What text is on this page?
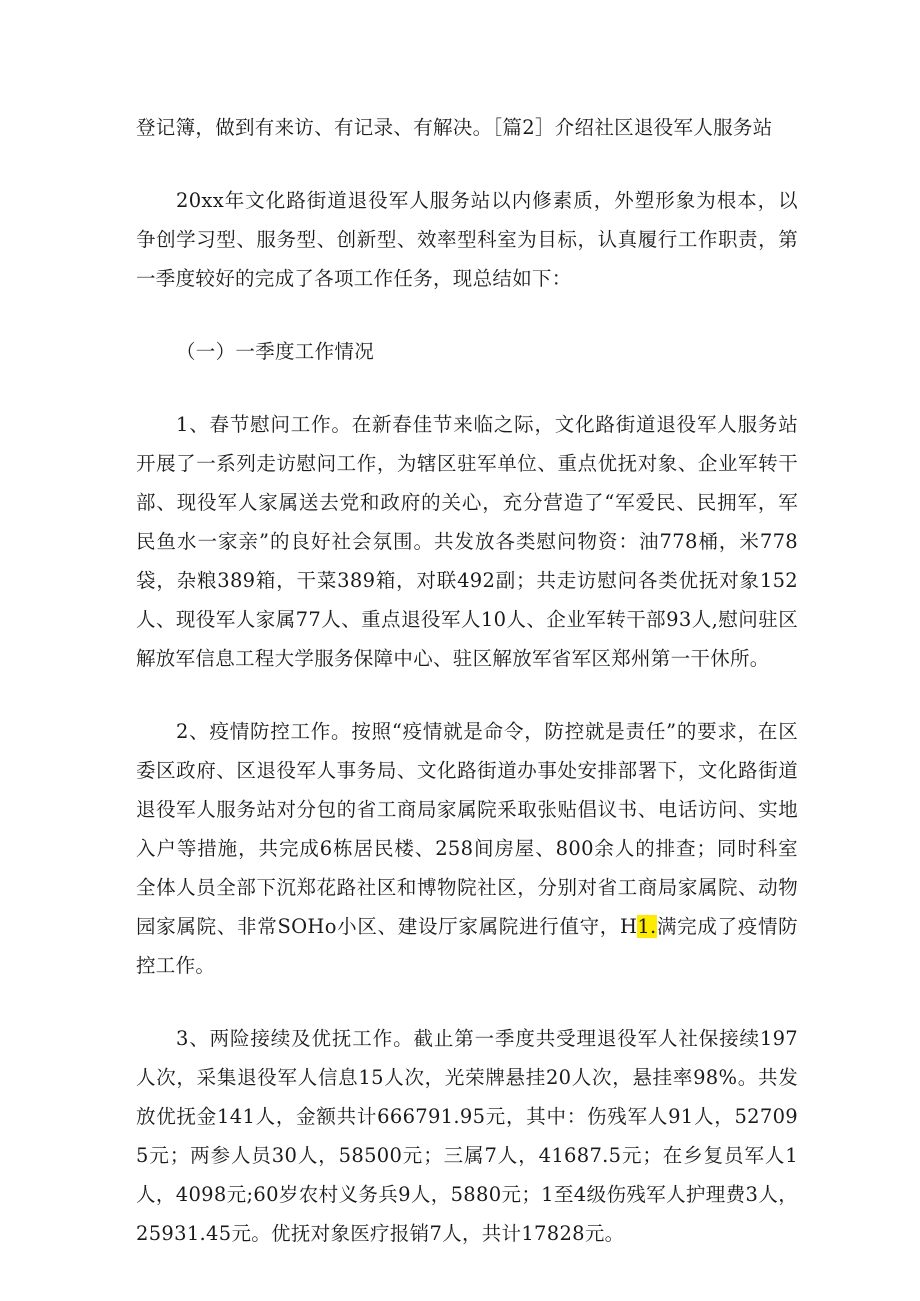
登记簿，做到有来访、有记录、有解决。［篇2］介绍社区退役军人服务站

20xx年文化路街道退役军人服务站以内修素质，外塑形象为根本，以争创学习型、服务型、创新型、效率型科室为目标，认真履行工作职责，第一季度较好的完成了各项工作任务，现总结如下：

（一）一季度工作情况

1、春节慰问工作。在新春佳节来临之际，文化路街道退役军人服务站开展了一系列走访慰问工作，为辖区驻军单位、重点优抚对象、企业军转干部、现役军人家属送去党和政府的关心，充分营造了“军爱民、民拥军，军民鱼水一家亲”的良好社会氛围。共发放各类慰问物资：油778桶，米778袋，杂粮389箱，干菜389箱，对联492副；共走访慰问各类优抚对象152人、现役军人家属77人、重点退役军人10人、企业军转干部93人,慰问驻区解放军信息工程大学服务保障中心、驻区解放军省军区郑州第一干休所。

2、疫情防控工作。按照“疫情就是命令，防控就是责任”的要求，在区委区政府、区退役军人事务局、文化路街道办事处安排部署下，文化路街道退役军人服务站对分包的省工商局家属院釆取张贴倡议书、电话访问、实地入户等措施，共完成6栋居民楼、258间房屋、800余人的排查；同时科室全体人员全部下沉郑花路社区和博物院社区，分别对省工商局家属院、动物园家属院、非常SOHo小区、建设厅家属院进行值守，H1.满完成了疫情防控工作。

3、两险接续及优抚工作。截止第一季度共受理退役军人社保接续197人次，采集退役军人信息15人次，光荣牌悬挂20人次，悬挂率98%。共发放优抚金141人，金额共计666791.95元，其中：伤残军人91人，527095元；两参人员30人，58500元；三属7人，41687.5元；在乡复员军人1人，4098元;60岁农村义务兵9人，5880元；1至4级伤残军人护理费3人，25931.45元。优抚对象医疗报销7人，共计17828元。
